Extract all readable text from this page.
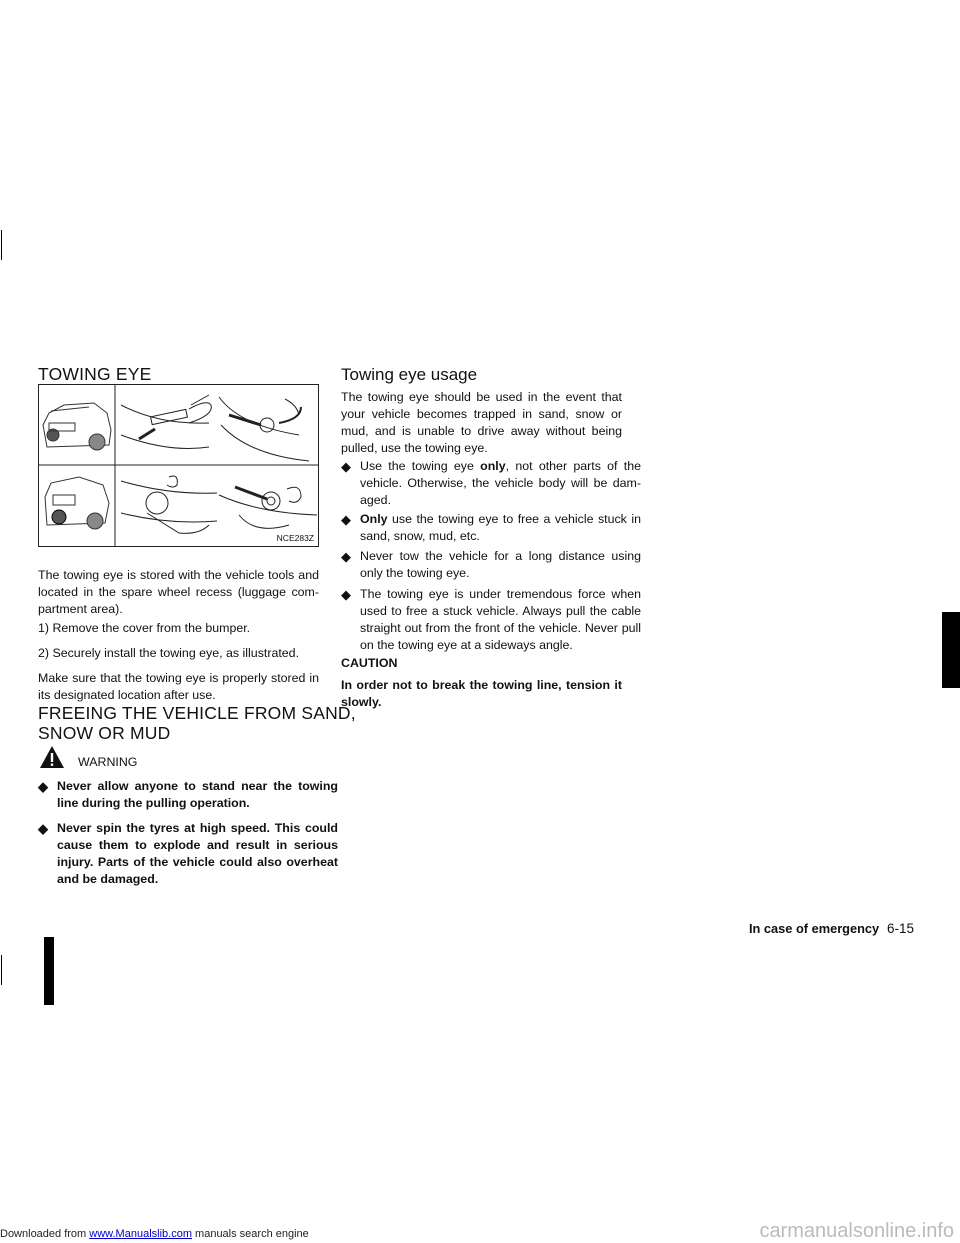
TOWING EYE
NCE283Z
The towing eye is stored with the vehicle tools and located in the spare wheel recess (luggage com-partment area).
1) Remove the cover from the bumper.
2) Securely install the towing eye, as illustrated.
Make sure that the towing eye is properly stored in its designated location after use.
FREEING THE VEHICLE FROM SAND,
SNOW OR MUD
WARNING
◆ Never allow anyone to stand near the towing line during the pulling operation.
◆ Never spin the tyres at high speed. This could cause them to explode and result in serious injury. Parts of the vehicle could also overheat and be damaged.
Towing eye usage
The towing eye should be used in the event that your vehicle becomes trapped in sand, snow or mud, and is unable to drive away without being pulled, use the towing eye.
◆ Use the towing eye only, not other parts of the vehicle. Otherwise, the vehicle body will be dam-aged.
◆ Only use the towing eye to free a vehicle stuck in sand, snow, mud, etc.
◆ Never tow the vehicle for a long distance using only the towing eye.
◆ The towing eye is under tremendous force when used to free a stuck vehicle. Always pull the cable straight out from the front of the vehicle. Never pull on the towing eye at a sideways angle.
CAUTION
In order not to break the towing line, tension it slowly.
In case of emergency 6-15
Downloaded from www.Manualslib.com manuals search engine	carmanualsonline.info
